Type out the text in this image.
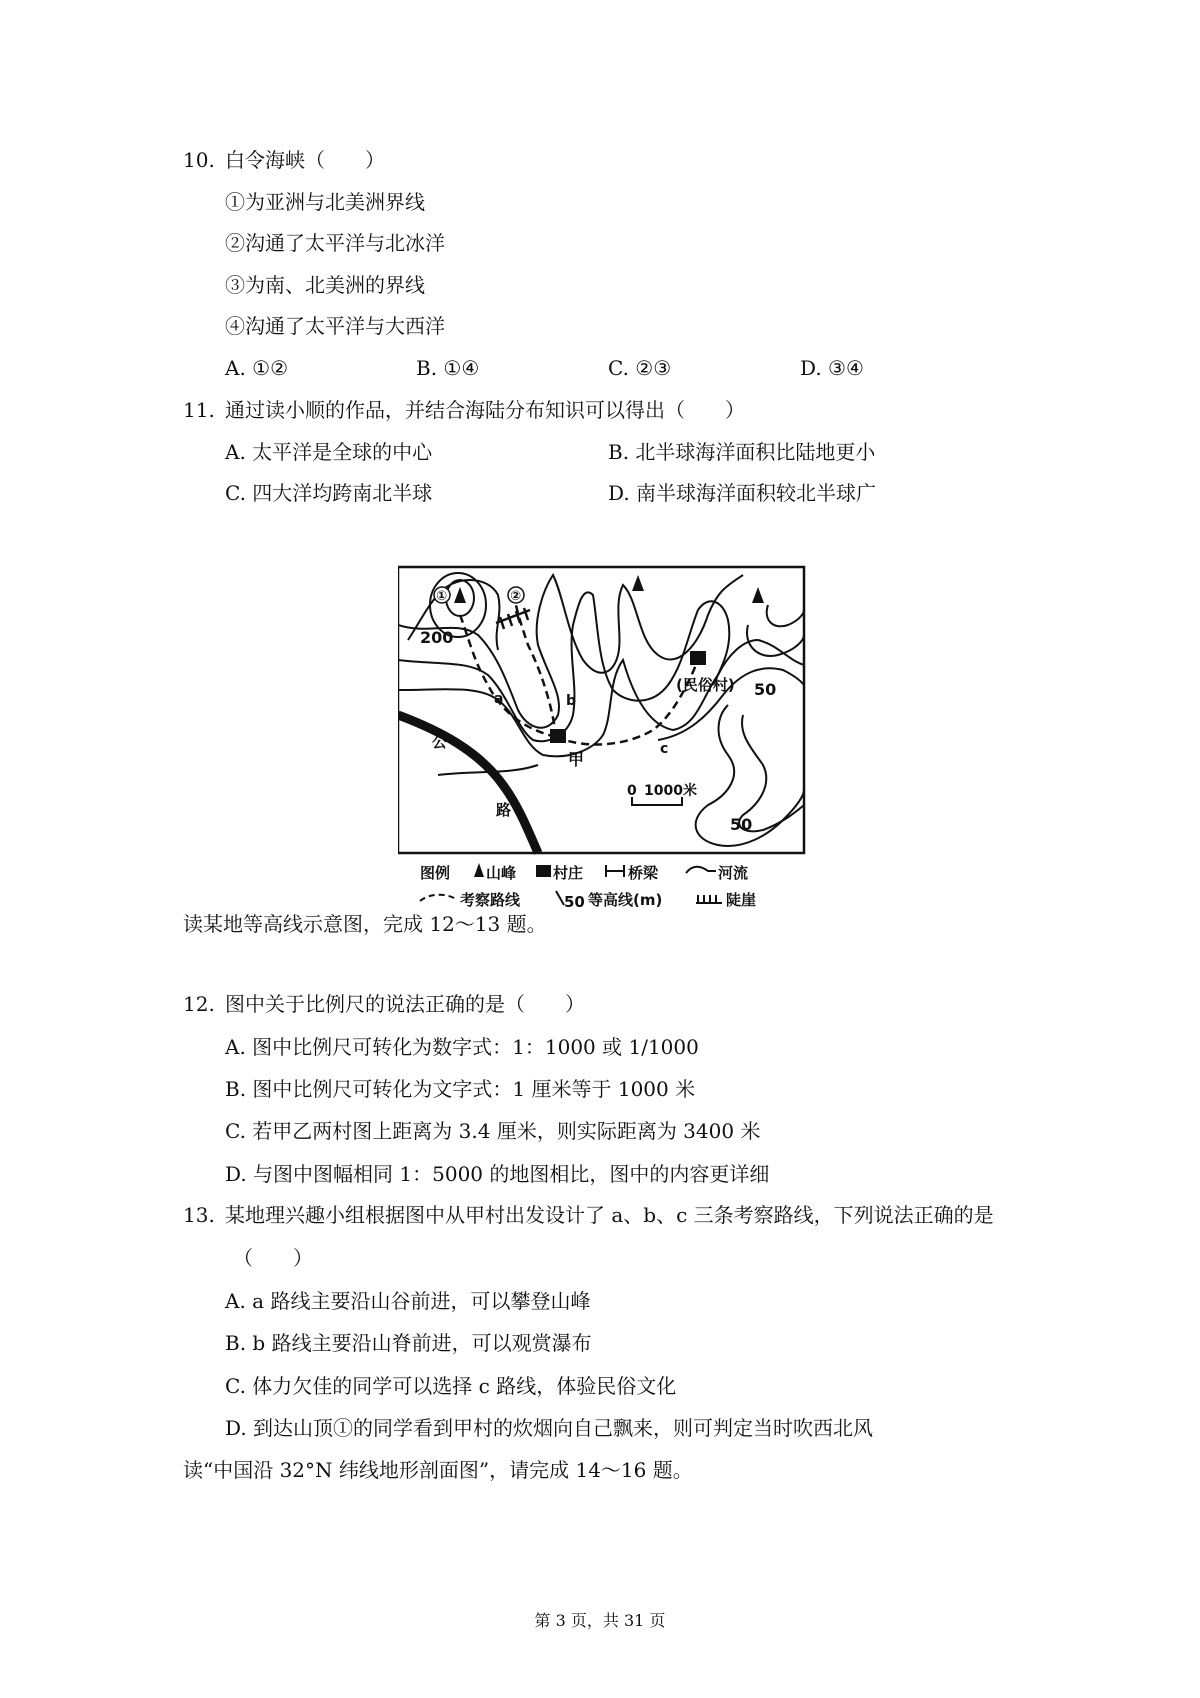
10. 白令海峡（　　）
①为亚洲与北美洲界线
②沟通了太平洋与北冰洋
③为南、北美洲的界线
④沟通了太平洋与大西洋
A. ①②	B. ①④	C. ②③	D. ③④
11. 通过读小顺的作品，并结合海陆分布知识可以得出（　　）
A. 太平洋是全球的中心	B. 北半球海洋面积比陆地更小
C. 四大洋均跨南北半球	D. 南半球海洋面积较北半球广
①	②
200
50
50
a	b
c
甲
(民俗村)
公
路
0 1000米
图例 山峰 村庄	桥梁	河流
考察路线	50 等高线(m)	陡崖
读某地等高线示意图，完成 12～13 题。
12. 图中关于比例尺的说法正确的是（　　）
A. 图中比例尺可转化为数字式：1：1000 或 1/1000
B. 图中比例尺可转化为文字式：1 厘米等于 1000 米
C. 若甲乙两村图上距离为 3.4 厘米，则实际距离为 3400 米
D. 与图中图幅相同 1：5000 的地图相比，图中的内容更详细
13. 某地理兴趣小组根据图中从甲村出发设计了 a、b、c 三条考察路线，下列说法正确的是
（　　）
A. a 路线主要沿山谷前进，可以攀登山峰
B. b 路线主要沿山脊前进，可以观赏瀑布
C. 体力欠佳的同学可以选择 c 路线，体验民俗文化
D. 到达山顶①的同学看到甲村的炊烟向自己飘来，则可判定当时吹西北风
读“中国沿 32°N 纬线地形剖面图”，请完成 14～16 题。
第 3 页，共 31 页
